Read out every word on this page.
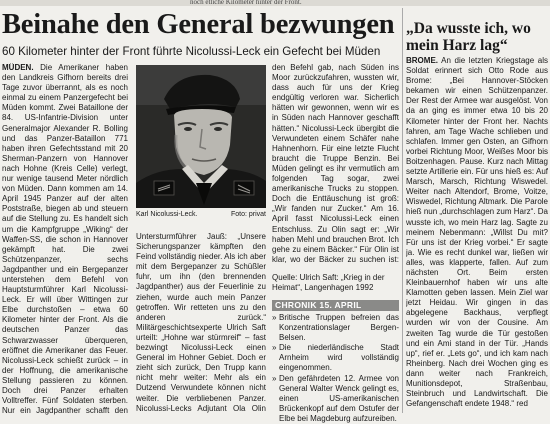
noch etliche Kilometer hinter der Front.
Beinahe den General bezwungen
60 Kilometer hinter der Front führte Nicolussi-Leck ein Gefecht bei Müden

MÜDEN. Die Amerikaner haben den Landkreis Gifhorn bereits drei Tage zuvor überrannt, als es noch einmal zu einem Panzergefecht bei Müden kommt. Zwei Bataillone der 84. US-Infantrie-Division unter Generalmajor Alexander R. Bolling und das Panzer-Bataillon 771 haben ihren Gefechtsstand mit 20 Sherman-Panzern von Hannover nach Hohne (Kreis Celle) verlegt, nur wenige tausend Meter nördlich von Müden. Dann kommen am 14. April 1945 Panzer auf der alten Poststraße, biegen ab und steuern auf die Stellung zu. Es handelt sich um die Kampfgruppe „Wiking“ der Waffen-SS, die schon in Hannover gekämpft hat. Die zwei Schützenpanzer, sechs Jagdpanther und ein Bergepanzer unterstehen dem Befehl von Hauptsturmführer Karl Nicolussi-Leck. Er will über Wittingen zur Elbe durchstoßen – etwa 60 Kilometer hinter der Front. Als die deutschen Panzer das Schwarzwasser überqueren, eröffnet die Amerikaner das Feuer. Nicolussi-Leck schießt zurück – in der Hoffnung, die amerikanische Stellung passieren zu können. Doch drei Panzer erhalten Volltreffer. Fünf Soldaten sterben. Nur ein Jagdpanther schafft den

Karl Nicolussi-Leck.	Foto: privat

Untersturmführer Jauß: „Unsere Sicherungspanzer kämpften den Feind vollständig nieder. Als ich aber mit dem Bergepanzer zu Schüßler fuhr, um ihn (den brennenden Jagdpanther) aus der Feuerlinie zu ziehen, wurde auch mein Panzer getroffen. Wir retteten uns zu den anderen zurück.“ Militärgeschichtsexperte Ulrich Saft urteilt: „Hohne war stürmreif“ – fast bezwingt Nicolussi-Leck einen General im Hohner Gebiet. Doch er zieht sich zurück, Den Trupp kann nicht mehr weiter: Mehr als ein Dutzend Verwundete können nicht weiter. Die verbliebenen Panzer. Nicolussi-Lecks Adjutant Ola Olin

den Befehl gab, nach Süden ins Moor zurückzufahren, wussten wir, dass auch für uns der Krieg endgültig verloren war. Sicherlich hätten wir gewonnen, wenn wir es in Süden nach Hannover geschafft hätten.“ Nicolussi-Leck übergibt die Verwundeten einem Schäfer nahe Hahnenhorn. Für eine letzte Flucht braucht die Truppe Benzin. Bei Müden gelingt es ihr vermutlich am folgenden Tag sogar, zwei amerikanische Trucks zu stoppen. Doch die Enttäuschung ist groß: „Wir fanden nur Zucker.“ Am 16. April fasst Nicolussi-Leck einen Entschluss. Zu Olin sagt er: „Wir haben Mehl und brauchen Brot. Ich gehe zu einem Bäcker.“ Für Olin ist klar, wo der Bäcker zu suchen ist:

Quelle: Ulrich Saft: „Krieg in der Heimat“, Langenhagen 1992
CHRONIK 15. APRIL
» Britische Truppen befreien das Konzentrationslager Bergen-Belsen.
» Die niederländische Stadt Arnheim wird vollständig eingenommen.
» Den gefährdeten 12. Armee von General Walter Wenck gelingt es, einen US-amerikanischen Brückenkopf auf dem Ostufer der Elbe bei Magdeburg aufzureiben.
„Da wusste ich, wo mein Harz lag“

BROME. An die letzten Kriegstage als Soldat erinnert sich Otto Rode aus Brome: „Bei Hannover-Stöcken bekamen wir einen Schützenpanzer. Der Rest der Armee war ausgelöst. Von da an ging es immer etwa 10 bis 20 Kilometer hinter der Front her. Nachts fahren, am Tage Wache schlieben und schlafen. Immer gen Osten, an Gifhorn vorbei Richtung Moor, Weißes Moor bis Boitzenhagen. Pause. Kurz nach Mittag setzte Artillerie ein. Für uns hieß es: Auf Marsch, Marsch, Richtung Wiswedel. Weiter nach Altendorf, Brome, Voitze, Wiswedel, Richtung Altmark. Die Parole hieß nun „durchschlagen zum Harz“. Da wusste ich, wo mein Harz lag. Sagte zu meinem Nebenmann: „Willst Du mit? Für uns ist der Krieg vorbei.“ Er sagte ja. Wie es recht dunkel war, ließen wir alles, was klapperte, fallen. Auf zum nächsten Ort. Beim ersten Kleinbauernhof haben wir uns alte Klamotten geben lassen. Mein Ziel war jetzt Heidau. Wir gingen in das abgelegene Backhaus, verpflegt wurden wir von der Cousine. Am zweiten Tag wurde die Tür gestoßen und ein Ami stand in der Tür. „Hands up“, rief er. „Lets go“, und ich kam nach Rheinberg. Nach drei Wochen ging es dann weiter nach Frankreich, Munitionsdepot, Straßenbau, Steinbruch und Landwirtschaft. Die Gefangenschaft endete 1948.“ red
